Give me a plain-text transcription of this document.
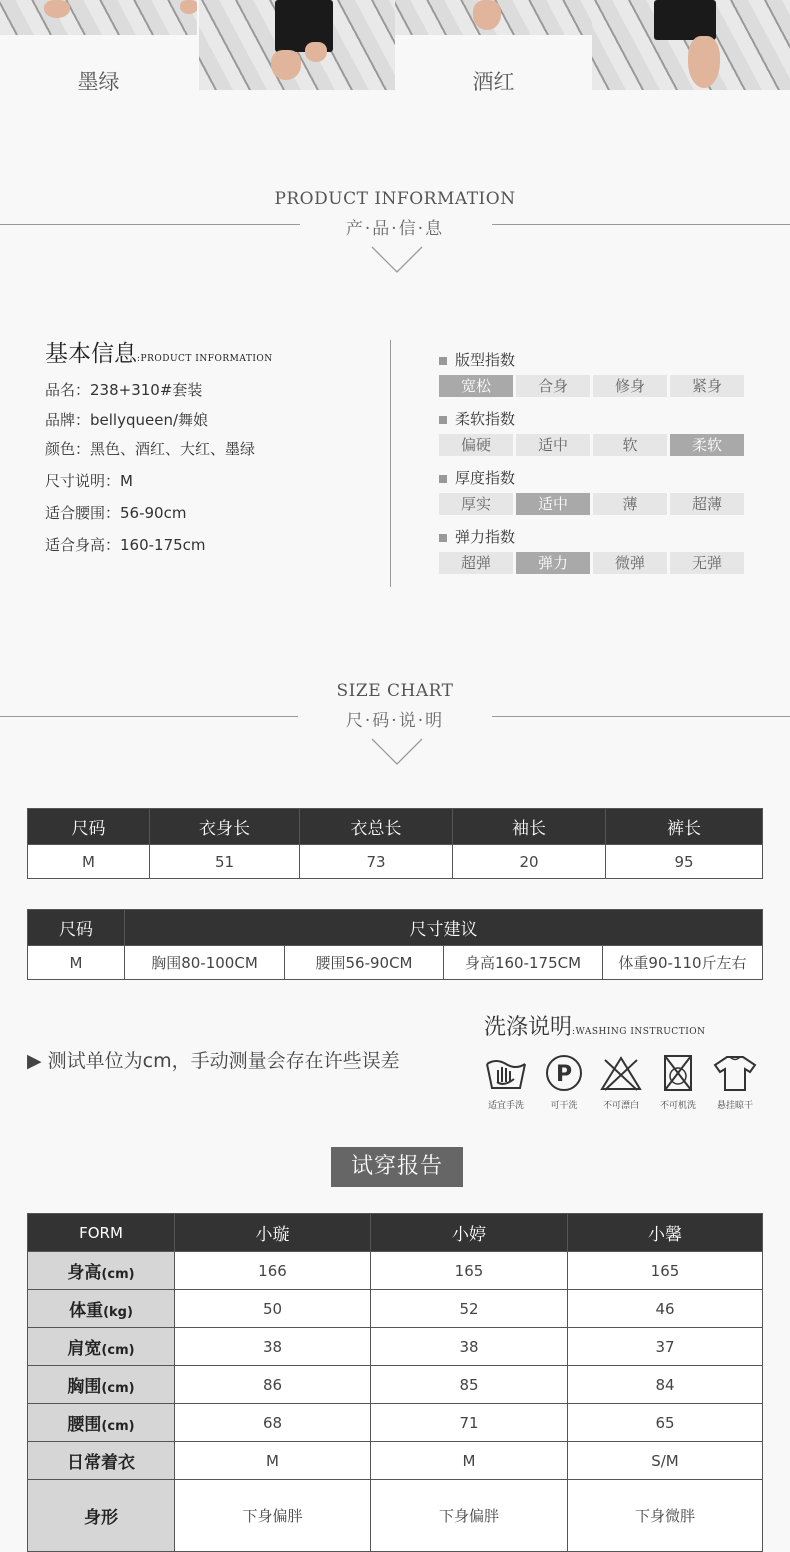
墨绿	酒红
PRODUCT INFORMATION
产·品·信·息
基本信息:PRODUCT INFORMATION
品名：238+310#套装
品牌：bellyqueen/舞娘
颜色：黑色、酒红、大红、墨绿
尺寸说明：M
适合腰围：56-90cm
适合身高：160-175cm
版型指数
宽松	合身	修身	紧身
柔软指数
偏硬	适中	软	柔软
厚度指数
厚实	适中	薄	超薄
弹力指数
超弹	弹力	微弹	无弹
SIZE CHART
尺·码·说·明
尺码	衣身长	衣总长	袖长	裤长
M	51	73	20	95
尺码	尺寸建议			
M	胸围80-100CM	腰围56-90CM	身高160-175CM	体重90-110斤左右
▶ 测试单位为cm，手动测量会存在许些误差
洗涤说明:WASHING INSTRUCTION
适宜手洗
P
可干洗	不可漂白	不可机洗	悬挂晾干
试穿报告
FORM	小璇	小婷	小馨
身高(cm)	166	165	165
体重(kg)	50	52	46
肩宽(cm)	38	38	37
胸围(cm)	86	85	84
腰围(cm)	68	71	65
日常着衣	M	M	S/M
身形	下身偏胖	下身偏胖	下身微胖
